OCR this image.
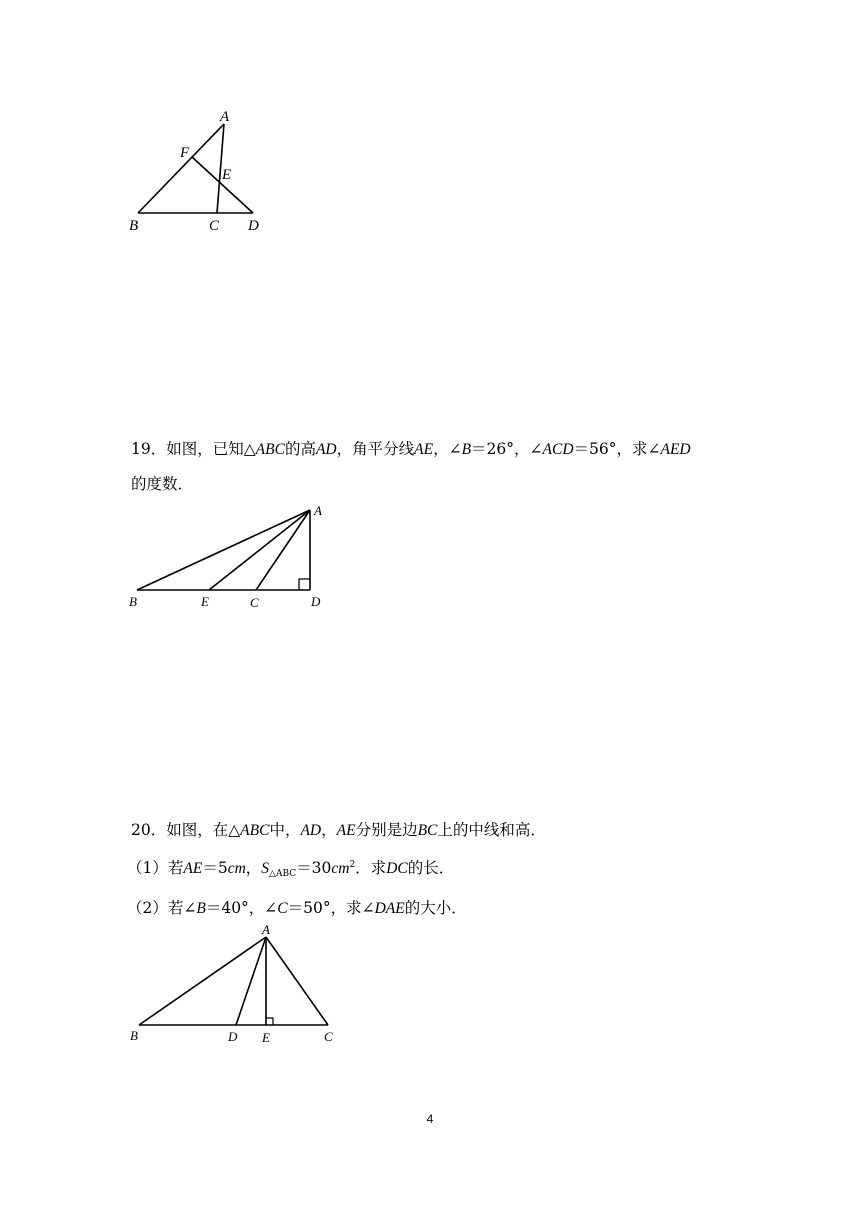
A
F
E
B	C D

19．如图，已知△ABC的高AD，角平分线AE，∠B＝26°，∠ACD＝56°，求∠AED
的度数．

A
B	E	C	D

20．如图，在△ABC中，AD，AE分别是边BC上的中线和高．

（1）若AE＝5cm，$S_{\triangle ABC}=30cm^2$．求DC的长．

（2）若∠B＝40°，∠C＝50°，求∠DAE的大小．

A
B	D E	C
4
